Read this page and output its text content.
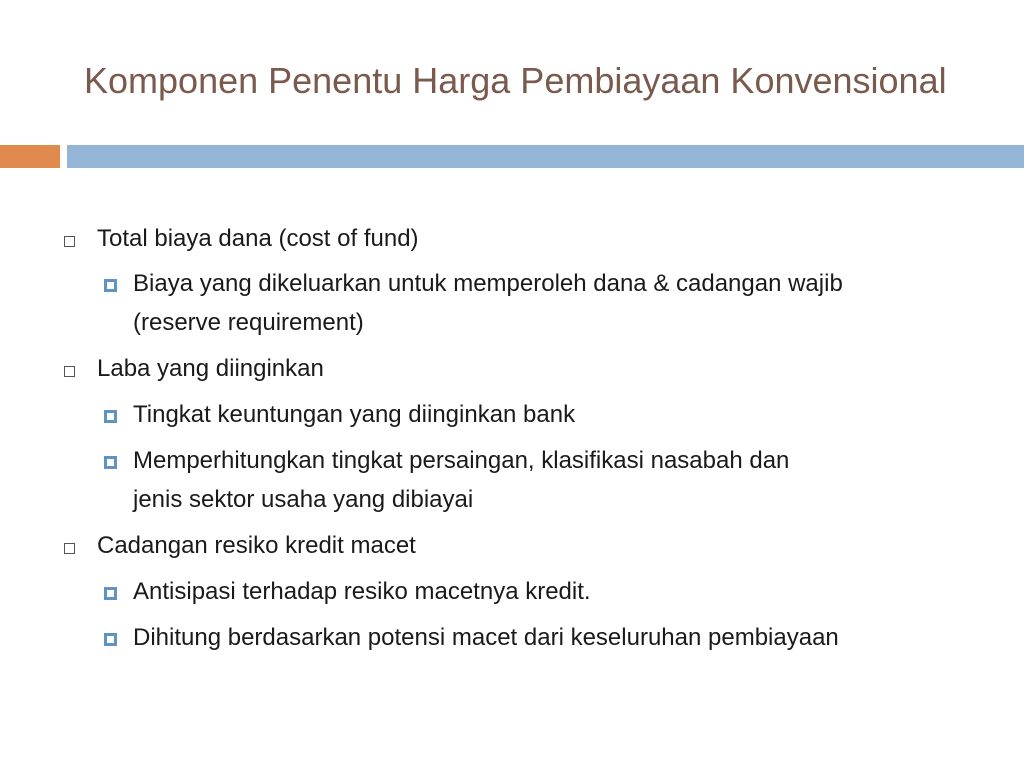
Komponen Penentu Harga Pembiayaan Konvensional
Total biaya dana (cost of fund)
Biaya yang dikeluarkan untuk memperoleh dana & cadangan wajib
(reserve requirement)
Laba yang diinginkan
Tingkat keuntungan yang diinginkan bank
Memperhitungkan tingkat persaingan, klasifikasi nasabah dan
jenis sektor usaha yang dibiayai
Cadangan resiko kredit macet
Antisipasi terhadap resiko macetnya kredit.
Dihitung berdasarkan potensi macet dari keseluruhan pembiayaan
